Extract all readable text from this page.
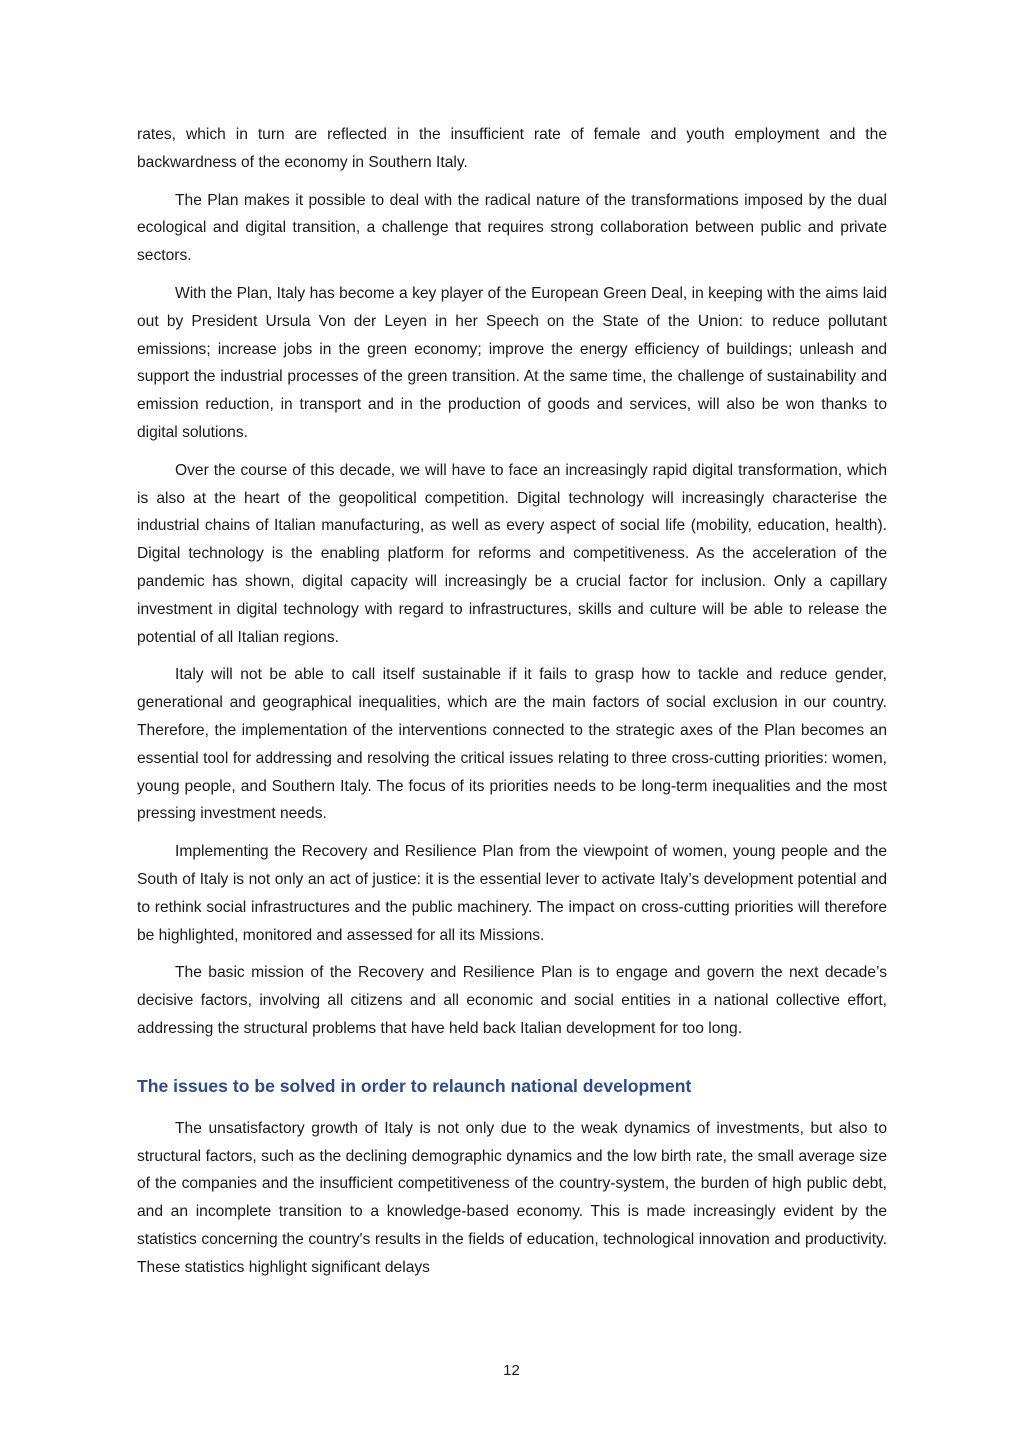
rates, which in turn are reflected in the insufficient rate of female and youth employment and the backwardness of the economy in Southern Italy.

The Plan makes it possible to deal with the radical nature of the transformations imposed by the dual ecological and digital transition, a challenge that requires strong collaboration between public and private sectors.

With the Plan, Italy has become a key player of the European Green Deal, in keeping with the aims laid out by President Ursula Von der Leyen in her Speech on the State of the Union: to reduce pollutant emissions; increase jobs in the green economy; improve the energy efficiency of buildings; unleash and support the industrial processes of the green transition. At the same time, the challenge of sustainability and emission reduction, in transport and in the production of goods and services, will also be won thanks to digital solutions.

Over the course of this decade, we will have to face an increasingly rapid digital transformation, which is also at the heart of the geopolitical competition. Digital technology will increasingly characterise the industrial chains of Italian manufacturing, as well as every aspect of social life (mobility, education, health). Digital technology is the enabling platform for reforms and competitiveness. As the acceleration of the pandemic has shown, digital capacity will increasingly be a crucial factor for inclusion. Only a capillary investment in digital technology with regard to infrastructures, skills and culture will be able to release the potential of all Italian regions.

Italy will not be able to call itself sustainable if it fails to grasp how to tackle and reduce gender, generational and geographical inequalities, which are the main factors of social exclusion in our country. Therefore, the implementation of the interventions connected to the strategic axes of the Plan becomes an essential tool for addressing and resolving the critical issues relating to three cross-cutting priorities: women, young people, and Southern Italy. The focus of its priorities needs to be long-term inequalities and the most pressing investment needs.

Implementing the Recovery and Resilience Plan from the viewpoint of women, young people and the South of Italy is not only an act of justice: it is the essential lever to activate Italy’s development potential and to rethink social infrastructures and the public machinery. The impact on cross-cutting priorities will therefore be highlighted, monitored and assessed for all its Missions.

The basic mission of the Recovery and Resilience Plan is to engage and govern the next decade’s decisive factors, involving all citizens and all economic and social entities in a national collective effort, addressing the structural problems that have held back Italian development for too long.

The issues to be solved in order to relaunch national development

The unsatisfactory growth of Italy is not only due to the weak dynamics of investments, but also to structural factors, such as the declining demographic dynamics and the low birth rate, the small average size of the companies and the insufficient competitiveness of the country-system, the burden of high public debt, and an incomplete transition to a knowledge-based economy. This is made increasingly evident by the statistics concerning the country's results in the fields of education, technological innovation and productivity. These statistics highlight significant delays

12
